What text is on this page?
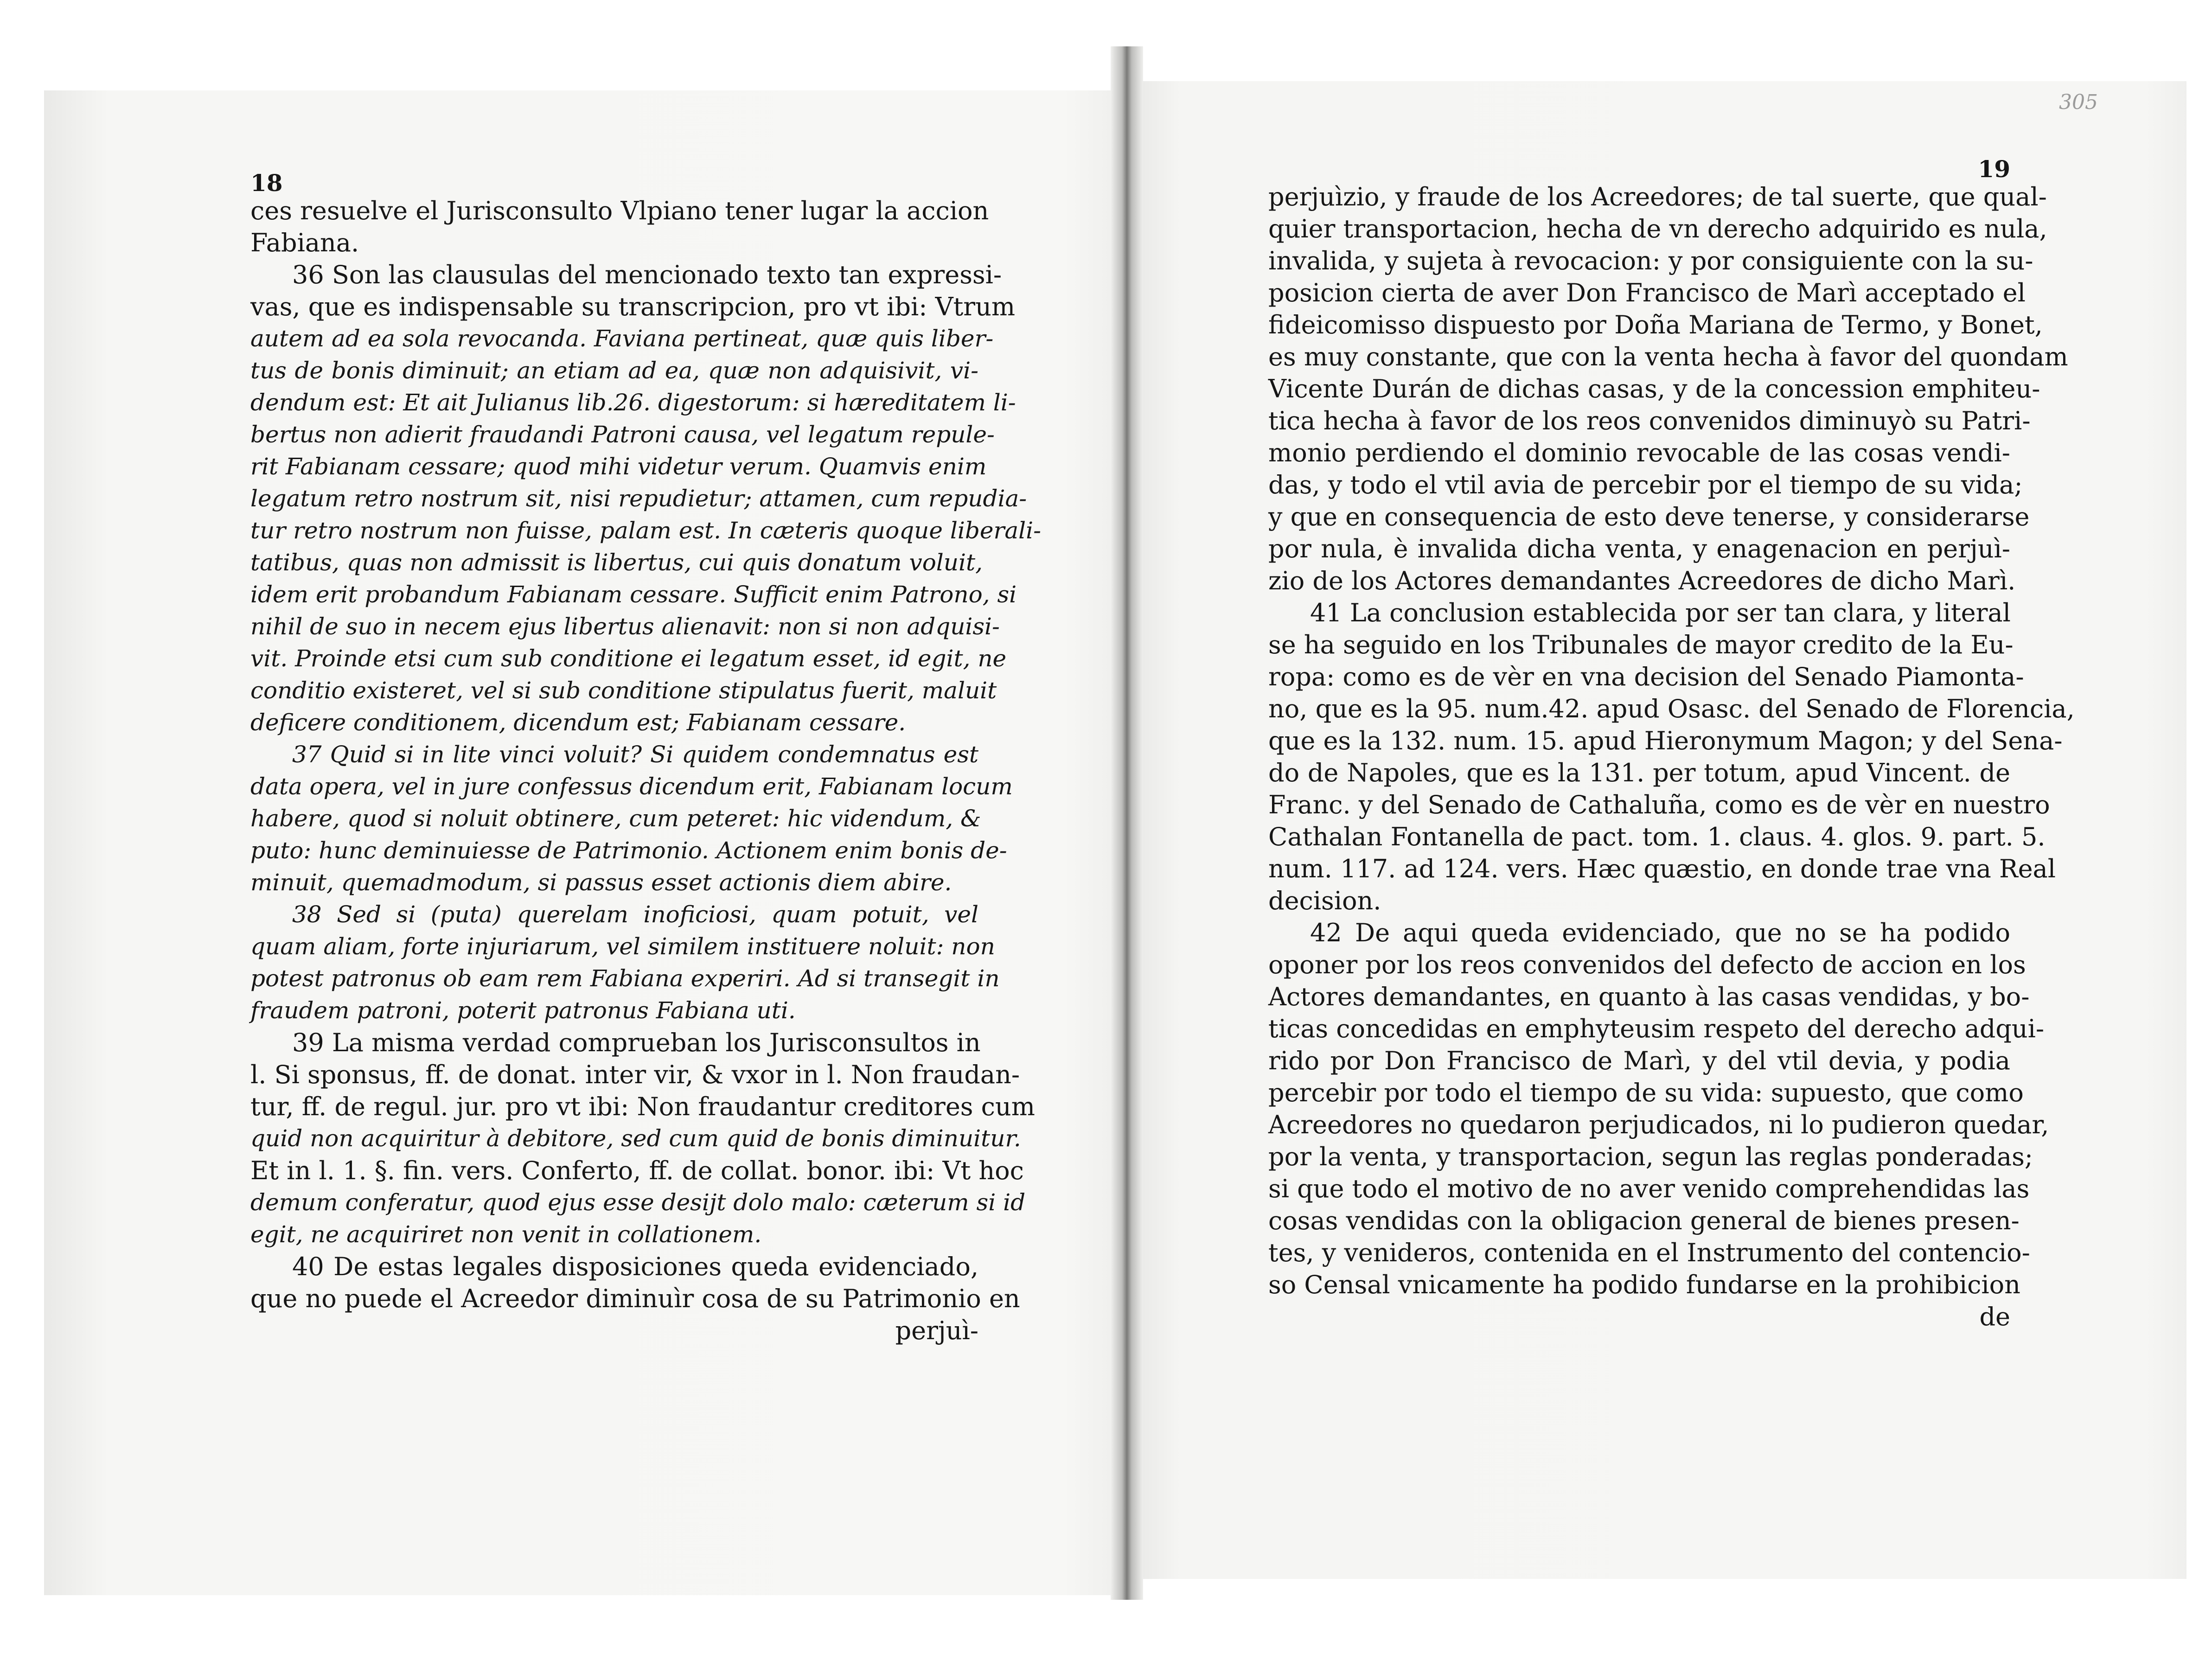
305
18
ces resuelve el Jurisconsulto Vlpiano tener lugar la accion
Fabiana.
36 Son las clausulas del mencionado texto tan expressi-
vas, que es indispensable su transcripcion, pro vt ibi: Vtrum
autem ad ea sola revocanda. Faviana pertineat, quæ quis liber-
tus de bonis diminuit; an etiam ad ea, quæ non adquisivit, vi-
dendum est: Et ait Julianus lib.26. digestorum: si hæreditatem li-
bertus non adierit fraudandi Patroni causa, vel legatum repule-
rit Fabianam cessare; quod mihi videtur verum. Quamvis enim
legatum retro nostrum sit, nisi repudietur; attamen, cum repudia-
tur retro nostrum non fuisse, palam est. In cæteris quoque liberali-
tatibus, quas non admissit is libertus, cui quis donatum voluit,
idem erit probandum Fabianam cessare. Sufficit enim Patrono, si
nihil de suo in necem ejus libertus alienavit: non si non adquisi-
vit. Proinde etsi cum sub conditione ei legatum esset, id egit, ne
conditio existeret, vel si sub conditione stipulatus fuerit, maluit
deficere conditionem, dicendum est; Fabianam cessare.
37 Quid si in lite vinci voluit? Si quidem condemnatus est
data opera, vel in jure confessus dicendum erit, Fabianam locum
habere, quod si noluit obtinere, cum peteret: hic videndum, &
puto: hunc deminuiesse de Patrimonio. Actionem enim bonis de-
minuit, quemadmodum, si passus esset actionis diem abire.
38 Sed si (puta) querelam inoficiosi, quam potuit, vel
quam aliam, forte injuriarum, vel similem instituere noluit: non
potest patronus ob eam rem Fabiana experiri. Ad si transegit in
fraudem patroni, poterit patronus Fabiana uti.
39 La misma verdad comprueban los Jurisconsultos in
l. Si sponsus, ff. de donat. inter vir, & vxor in l. Non fraudan-
tur, ff. de regul. jur. pro vt ibi: Non fraudantur creditores cum
quid non acquiritur à debitore, sed cum quid de bonis diminuitur.
Et in l. 1. §. fin. vers. Conferto, ff. de collat. bonor. ibi: Vt hoc
demum conferatur, quod ejus esse desijt dolo malo: cæterum si id
egit, ne acquiriret non venit in collationem.
40 De estas legales disposiciones queda evidenciado,
que no puede el Acreedor diminuìr cosa de su Patrimonio en
perjuì-
19
perjuìzio, y fraude de los Acreedores; de tal suerte, que qual-
quier transportacion, hecha de vn derecho adquirido es nula,
invalida, y sujeta à revocacion: y por consiguiente con la su-
posicion cierta de aver Don Francisco de Marì acceptado el
fideicomisso dispuesto por Doña Mariana de Termo, y Bonet,
es muy constante, que con la venta hecha à favor del quondam
Vicente Durán de dichas casas, y de la concession emphiteu-
tica hecha à favor de los reos convenidos diminuyò su Patri-
monio perdiendo el dominio revocable de las cosas vendi-
das, y todo el vtil avia de percebir por el tiempo de su vida;
y que en consequencia de esto deve tenerse, y considerarse
por nula, è invalida dicha venta, y enagenacion en perjuì-
zio de los Actores demandantes Acreedores de dicho Marì.
41 La conclusion establecida por ser tan clara, y literal
se ha seguido en los Tribunales de mayor credito de la Eu-
ropa: como es de vèr en vna decision del Senado Piamonta-
no, que es la 95. num.42. apud Osasc. del Senado de Florencia,
que es la 132. num. 15. apud Hieronymum Magon; y del Sena-
do de Napoles, que es la 131. per totum, apud Vincent. de
Franc. y del Senado de Cathaluña, como es de vèr en nuestro
Cathalan Fontanella de pact. tom. 1. claus. 4. glos. 9. part. 5.
num. 117. ad 124. vers. Hæc quæstio, en donde trae vna Real
decision.
42 De aqui queda evidenciado, que no se ha podido
oponer por los reos convenidos del defecto de accion en los
Actores demandantes, en quanto à las casas vendidas, y bo-
ticas concedidas en emphyteusim respeto del derecho adqui-
rido por Don Francisco de Marì, y del vtil devia, y podia
percebir por todo el tiempo de su vida: supuesto, que como
Acreedores no quedaron perjudicados, ni lo pudieron quedar,
por la venta, y transportacion, segun las reglas ponderadas;
si que todo el motivo de no aver venido comprehendidas las
cosas vendidas con la obligacion general de bienes presen-
tes, y venideros, contenida en el Instrumento del contencio-
so Censal vnicamente ha podido fundarse en la prohibicion
de
